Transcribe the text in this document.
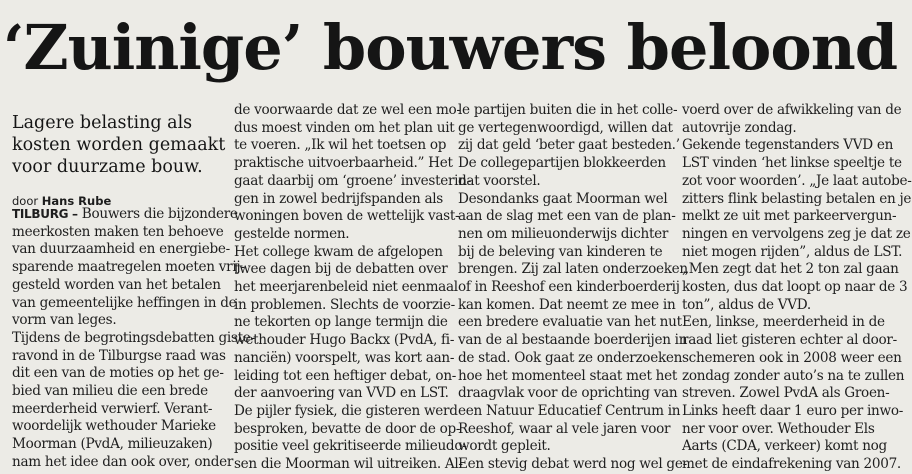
‘Zuinige’ bouwers beloond
Lagere belasting als kosten worden gemaakt voor duurzame bouw.
door Hans Rube
TILBURG – Bouwers die bijzondere
meerkosten maken ten behoeve
van duurzaamheid en energiebe-
sparende maatregelen moeten vrij-
gesteld worden van het betalen
van gemeentelijke heffingen in de
vorm van leges.
Tijdens de begrotingsdebatten giste-
ravond in de Tilburgse raad was
dit een van de moties op het ge-
bied van milieu die een brede
meerderheid verwierf. Verant-
woordelijk wethouder Marieke
Moorman (PvdA, milieuzaken)
nam het idee dan ook over, onder
de voorwaarde dat ze wel een mo-
dus moest vinden om het plan uit
te voeren. „Ik wil het toetsen op
praktische uitvoerbaarheid.” Het
gaat daarbij om ‘groene’ investerin-
gen in zowel bedrijfspanden als
woningen boven de wettelijk vast-
gestelde normen.
Het college kwam de afgelopen
twee dagen bij de debatten over
het meerjarenbeleid niet eenmaal
in problemen. Slechts de voorzie-
ne tekorten op lange termijn die
wethouder Hugo Backx (PvdA, fi-
nanciën) voorspelt, was kort aan-
leiding tot een heftiger debat, on-
der aanvoering van VVD en LST.
De pijler fysiek, die gisteren werd
besproken, bevatte de door de op-
positie veel gekritiseerde milieudo-
sen die Moorman wil uitreiken. Al-
le partijen buiten die in het colle-
ge vertegenwoordigd, willen dat
zij dat geld ‘beter gaat besteden.’
De collegepartijen blokkeerden
dat voorstel.
Desondanks gaat Moorman wel
aan de slag met een van de plan-
nen om milieuonderwijs dichter
bij de beleving van kinderen te
brengen. Zij zal laten onderzoeken
of in Reeshof een kinderboerderij
kan komen. Dat neemt ze mee in
een bredere evaluatie van het nut
van de al bestaande boerderijen in
de stad. Ook gaat ze onderzoeken
hoe het momenteel staat met het
draagvlak voor de oprichting van
een Natuur Educatief Centrum in
Reeshof, waar al vele jaren voor
wordt gepleit.
Een stevig debat werd nog wel ge-
voerd over de afwikkeling van de
autovrije zondag.
Gekende tegenstanders VVD en
LST vinden ‘het linkse speeltje te
zot voor woorden’. „Je laat autobe-
zitters flink belasting betalen en je
melkt ze uit met parkeervergun-
ningen en vervolgens zeg je dat ze
niet mogen rijden”, aldus de LST.
„Men zegt dat het 2 ton zal gaan
kosten, dus dat loopt op naar de 3
ton”, aldus de VVD.
Een, linkse, meerderheid in de
raad liet gisteren echter al door-
schemeren ook in 2008 weer een
zondag zonder auto’s na te zullen
streven. Zowel PvdA als Groen-
Links heeft daar 1 euro per inwo-
ner voor over. Wethouder Els
Aarts (CDA, verkeer) komt nog
met de eindafrekening van 2007.
